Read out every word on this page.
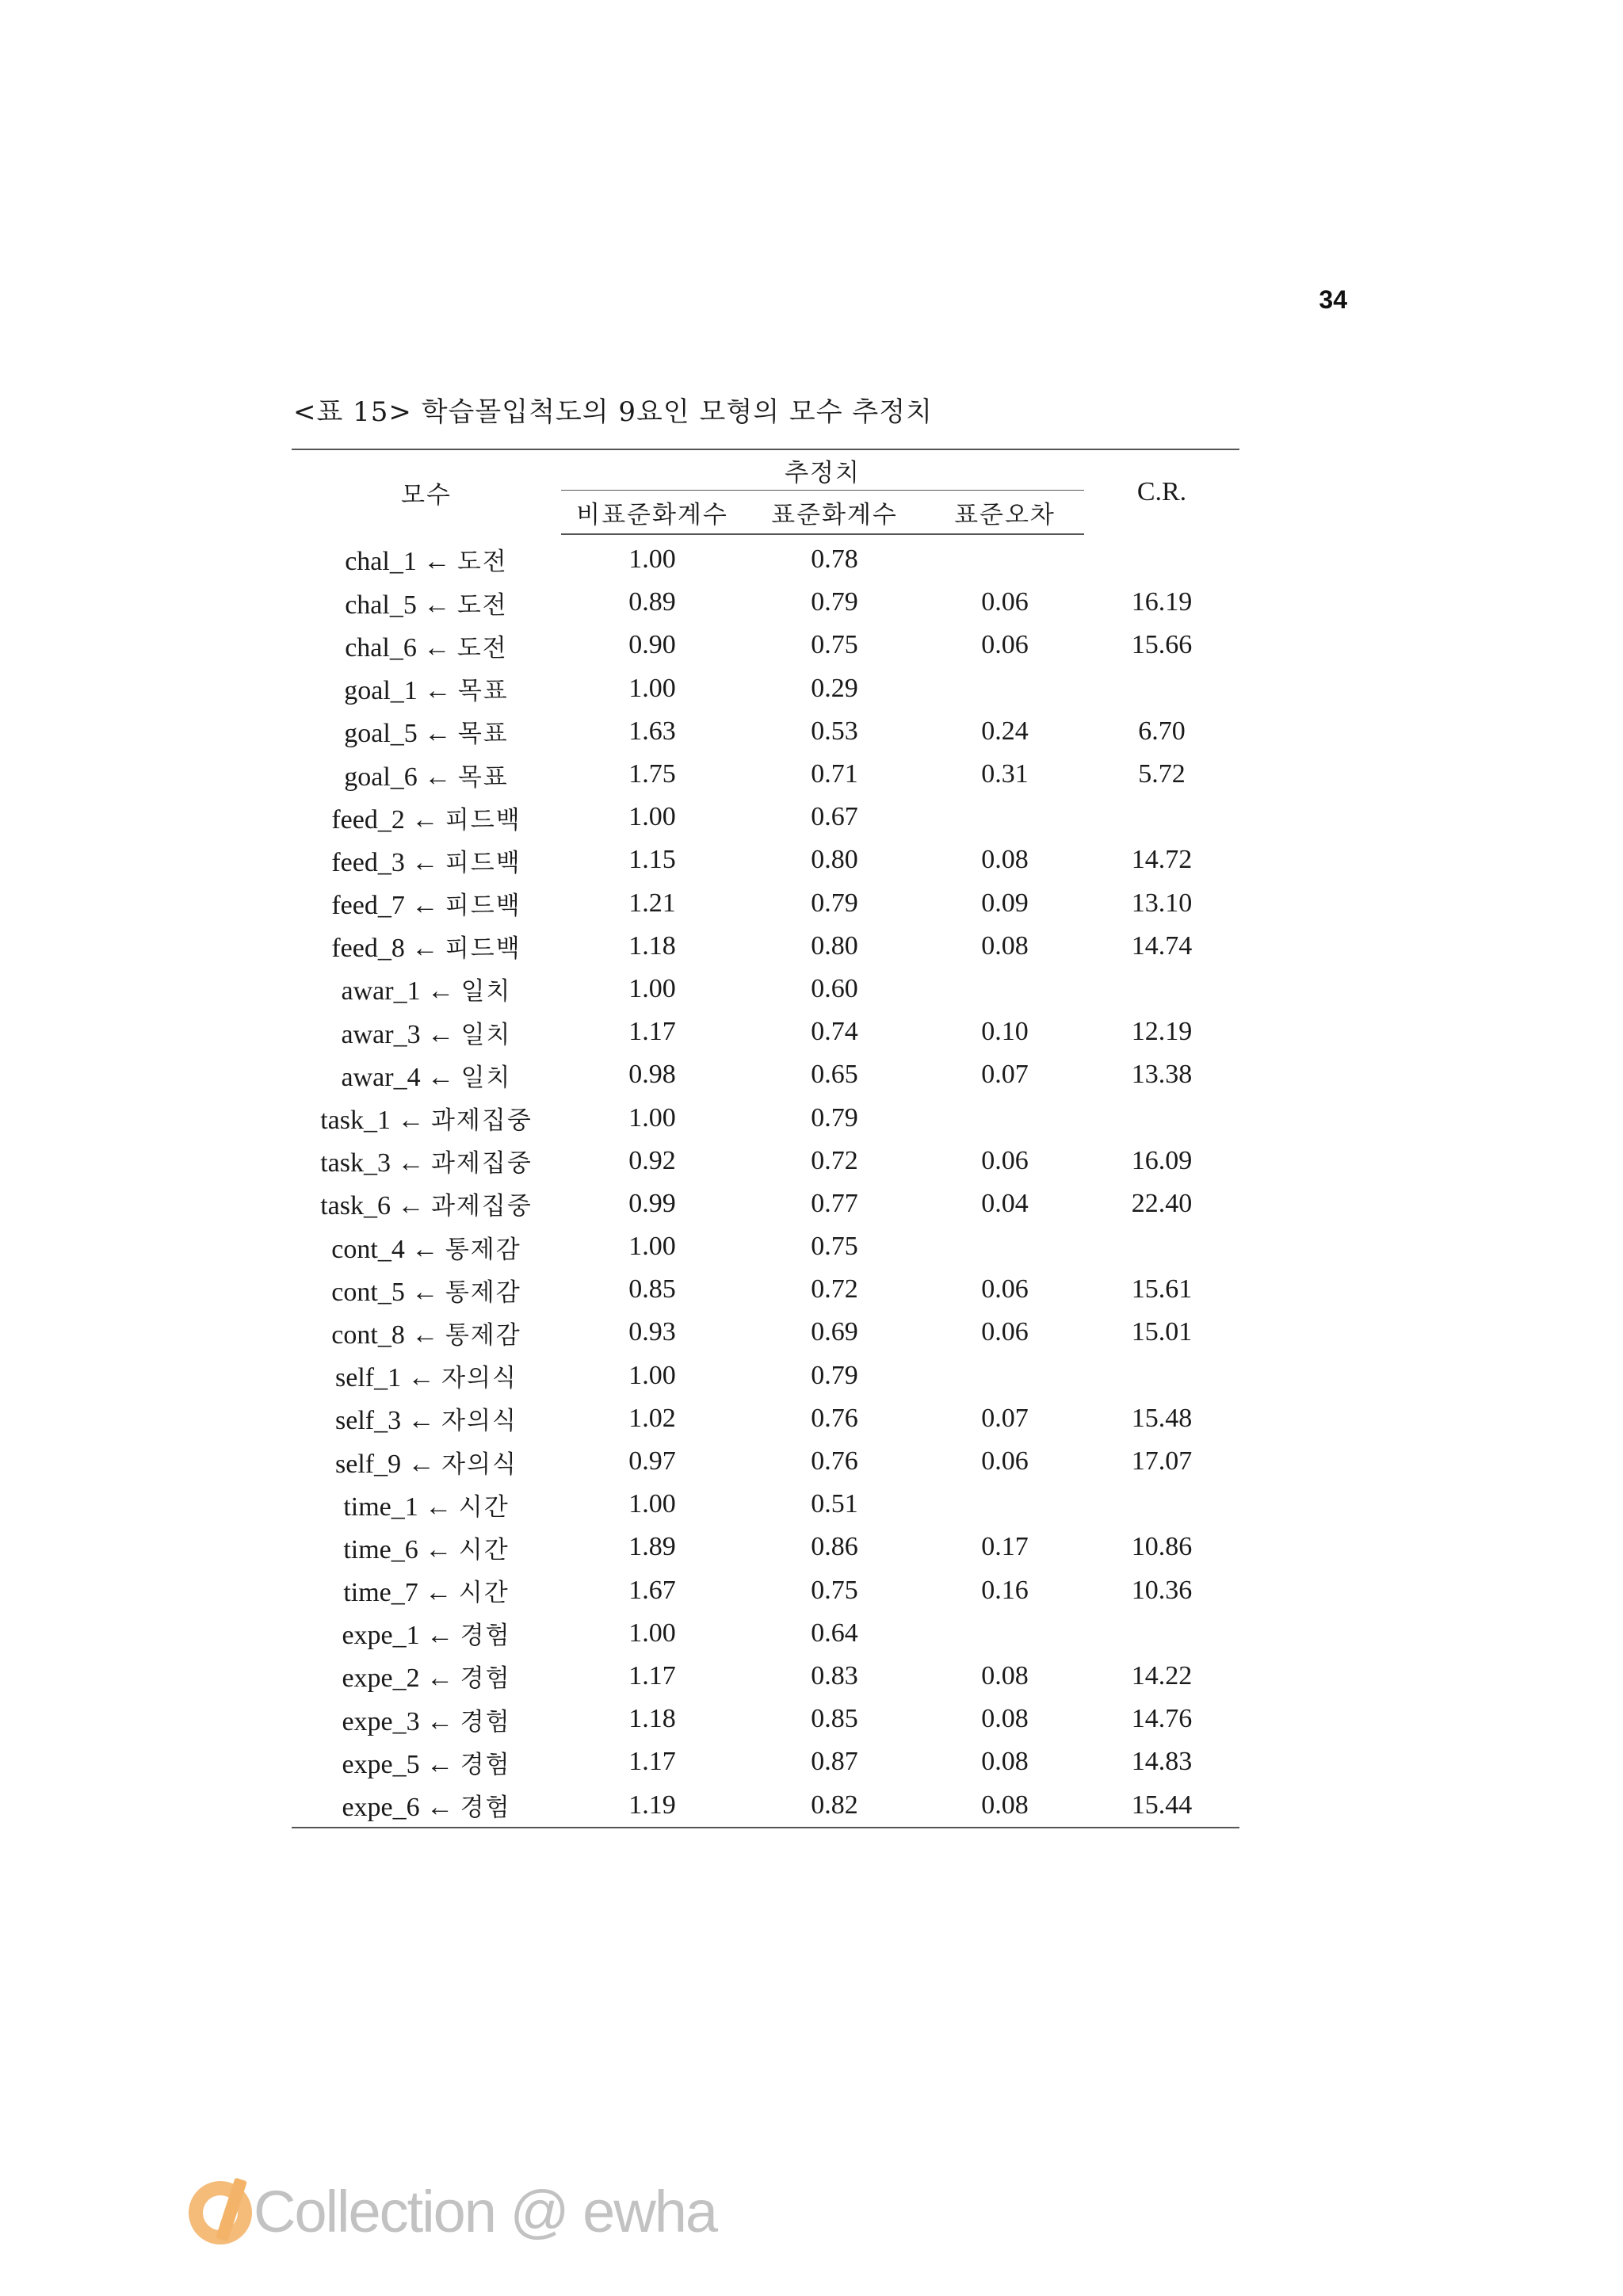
34
<표 15> 학습몰입척도의 9요인 모형의 모수 추정치
모수	추정치			C.R.
	비표준화계수	표준화계수	표준오차	
chal_1 ← 도전	1.00	0.78		
chal_5 ← 도전	0.89	0.79	0.06	16.19
chal_6 ← 도전	0.90	0.75	0.06	15.66
goal_1 ← 목표	1.00	0.29		
goal_5 ← 목표	1.63	0.53	0.24	6.70
goal_6 ← 목표	1.75	0.71	0.31	5.72
feed_2 ← 피드백	1.00	0.67		
feed_3 ← 피드백	1.15	0.80	0.08	14.72
feed_7 ← 피드백	1.21	0.79	0.09	13.10
feed_8 ← 피드백	1.18	0.80	0.08	14.74
awar_1 ← 일치	1.00	0.60		
awar_3 ← 일치	1.17	0.74	0.10	12.19
awar_4 ← 일치	0.98	0.65	0.07	13.38
task_1 ← 과제집중	1.00	0.79		
task_3 ← 과제집중	0.92	0.72	0.06	16.09
task_6 ← 과제집중	0.99	0.77	0.04	22.40
cont_4 ← 통제감	1.00	0.75		
cont_5 ← 통제감	0.85	0.72	0.06	15.61
cont_8 ← 통제감	0.93	0.69	0.06	15.01
self_1 ← 자의식	1.00	0.79		
self_3 ← 자의식	1.02	0.76	0.07	15.48
self_9 ← 자의식	0.97	0.76	0.06	17.07
time_1 ← 시간	1.00	0.51		
time_6 ← 시간	1.89	0.86	0.17	10.86
time_7 ← 시간	1.67	0.75	0.16	10.36
expe_1 ← 경험	1.00	0.64		
expe_2 ← 경험	1.17	0.83	0.08	14.22
expe_3 ← 경험	1.18	0.85	0.08	14.76
expe_5 ← 경험	1.17	0.87	0.08	14.83
expe_6 ← 경험	1.19	0.82	0.08	15.44
Collection @ ewha
